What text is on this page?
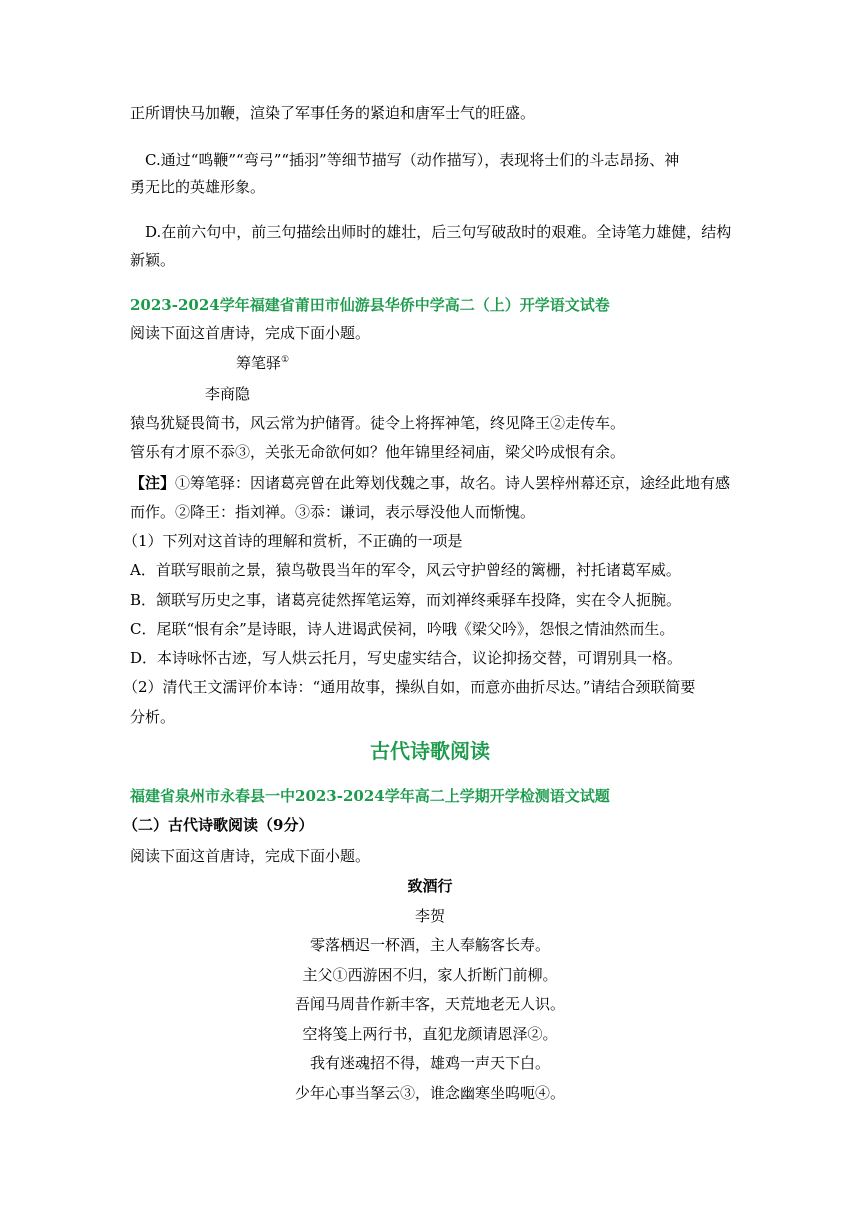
正所谓快马加鞭，渲染了军事任务的紧迫和唐军士气的旺盛。
C.通过“鸣鞭”“弯弓”“插羽”等细节描写（动作描写），表现将士们的斗志昂扬、神
勇无比的英雄形象。
D.在前六句中，前三句描绘出师时的雄壮，后三句写破敌时的艰难。全诗笔力雄健，结构
新颖。
2023-2024学年福建省莆田市仙游县华侨中学高二（上）开学语文试卷
阅读下面这首唐诗，完成下面小题。
筹笔驿①
李商隐
猿鸟犹疑畏简书，风云常为护储胥。徒令上将挥神笔，终见降王②走传车。
管乐有才原不忝③，关张无命欲何如？他年锦里经祠庙，梁父吟成恨有余。
【注】①筹笔驿：因诸葛亮曾在此筹划伐魏之事，故名。诗人罢梓州幕还京，途经此地有感
而作。②降王：指刘禅。③忝：谦词，表示辱没他人而惭愧。
（1）下列对这首诗的理解和赏析，不正确的一项是
A．首联写眼前之景，猿鸟敬畏当年的军令，风云守护曾经的篱栅，衬托诸葛军威。
B．颔联写历史之事，诸葛亮徒然挥笔运筹，而刘禅终乘驿车投降，实在令人扼腕。
C．尾联“恨有余”是诗眼，诗人进谒武侯祠，吟哦《梁父吟》，怨恨之情油然而生。
D．本诗咏怀古迹，写人烘云托月，写史虚实结合，议论抑扬交替，可谓别具一格。
（2）清代王文濡评价本诗：“通用故事，操纵自如，而意亦曲折尽达。”请结合颈联简要
分析。
古代诗歌阅读
福建省泉州市永春县一中2023-2024学年高二上学期开学检测语文试题
（二）古代诗歌阅读（9分）
阅读下面这首唐诗，完成下面小题。
致酒行
李贺
零落栖迟一杯酒，主人奉觞客长寿。
主父①西游困不归，家人折断门前柳。
吾闻马周昔作新丰客，天荒地老无人识。
空将笺上两行书，直犯龙颜请恩泽②。
我有迷魂招不得，雄鸡一声天下白。
少年心事当拏云③，谁念幽寒坐呜呃④。
